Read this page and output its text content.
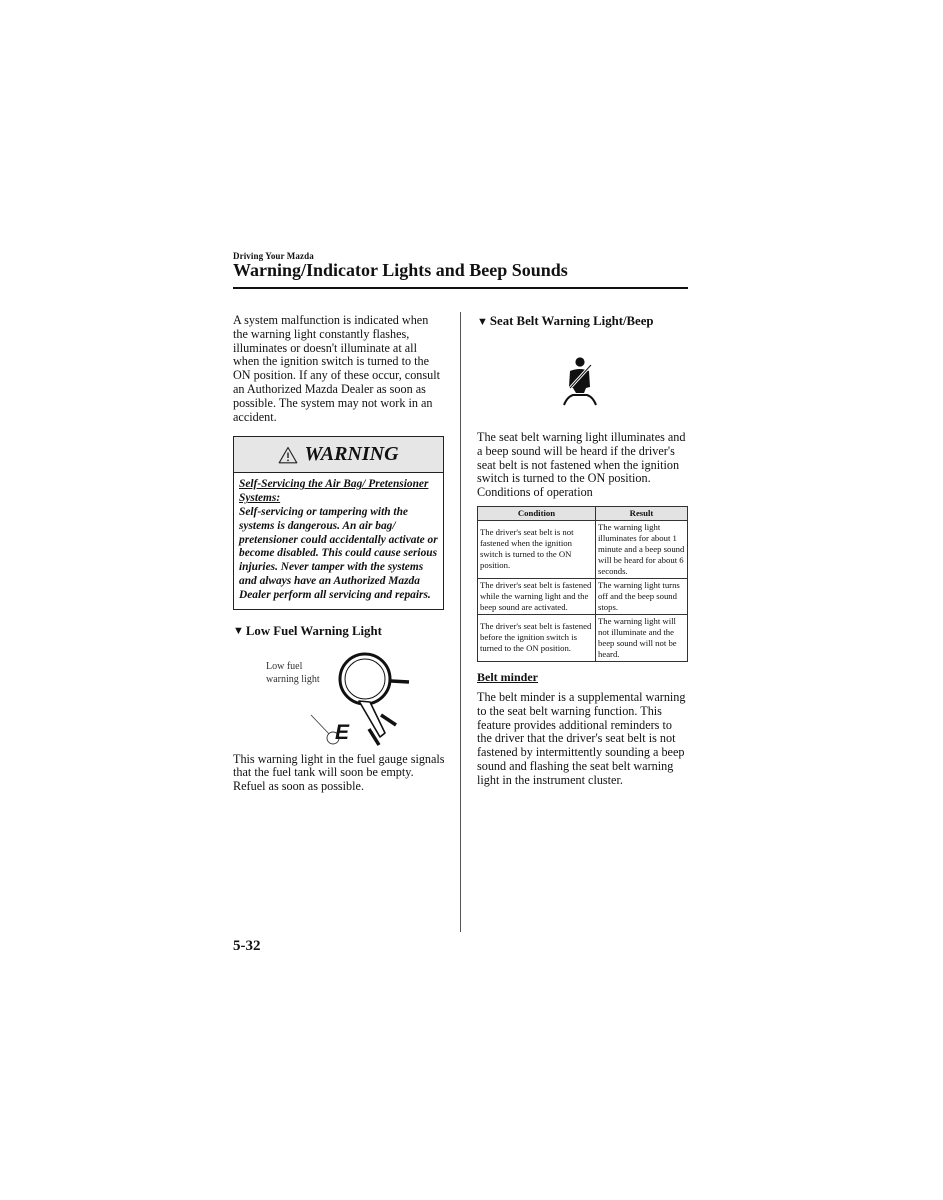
Driving Your Mazda
Warning/Indicator Lights and Beep Sounds

A system malfunction is indicated when the warning light constantly flashes, illuminates or doesn't illuminate at all when the ignition switch is turned to the ON position. If any of these occur, consult an Authorized Mazda Dealer as soon as possible. The system may not work in an accident.

WARNING
Self-Servicing the Air Bag/ Pretensioner Systems:
Self-servicing or tampering with the systems is dangerous. An air bag/ pretensioner could accidentally activate or become disabled. This could cause serious injuries. Never tamper with the systems and always have an Authorized Mazda Dealer perform all servicing and repairs.
▼ Low Fuel Warning Light
Low fuel
warning light
E

This warning light in the fuel gauge signals that the fuel tank will soon be empty.

Refuel as soon as possible.

▼ Seat Belt Warning Light/Beep

The seat belt warning light illuminates and a beep sound will be heard if the driver's seat belt is not fastened when the ignition switch is turned to the ON position.

Conditions of operation

Condition	Result
The driver's seat belt is not fastened when the ignition switch is turned to the ON position.	The warning light illuminates for about 1 minute and a beep sound will be heard for about 6 seconds.
The driver's seat belt is fastened while the warning light and the beep sound are activated.	The warning light turns off and the beep sound stops.
The driver's seat belt is fastened before the ignition switch is turned to the ON position.	The warning light will not illuminate and the beep sound will not be heard.
Belt minder

The belt minder is a supplemental warning to the seat belt warning function. This feature provides additional reminders to the driver that the driver's seat belt is not fastened by intermittently sounding a beep sound and flashing the seat belt warning light in the instrument cluster.

5-32
